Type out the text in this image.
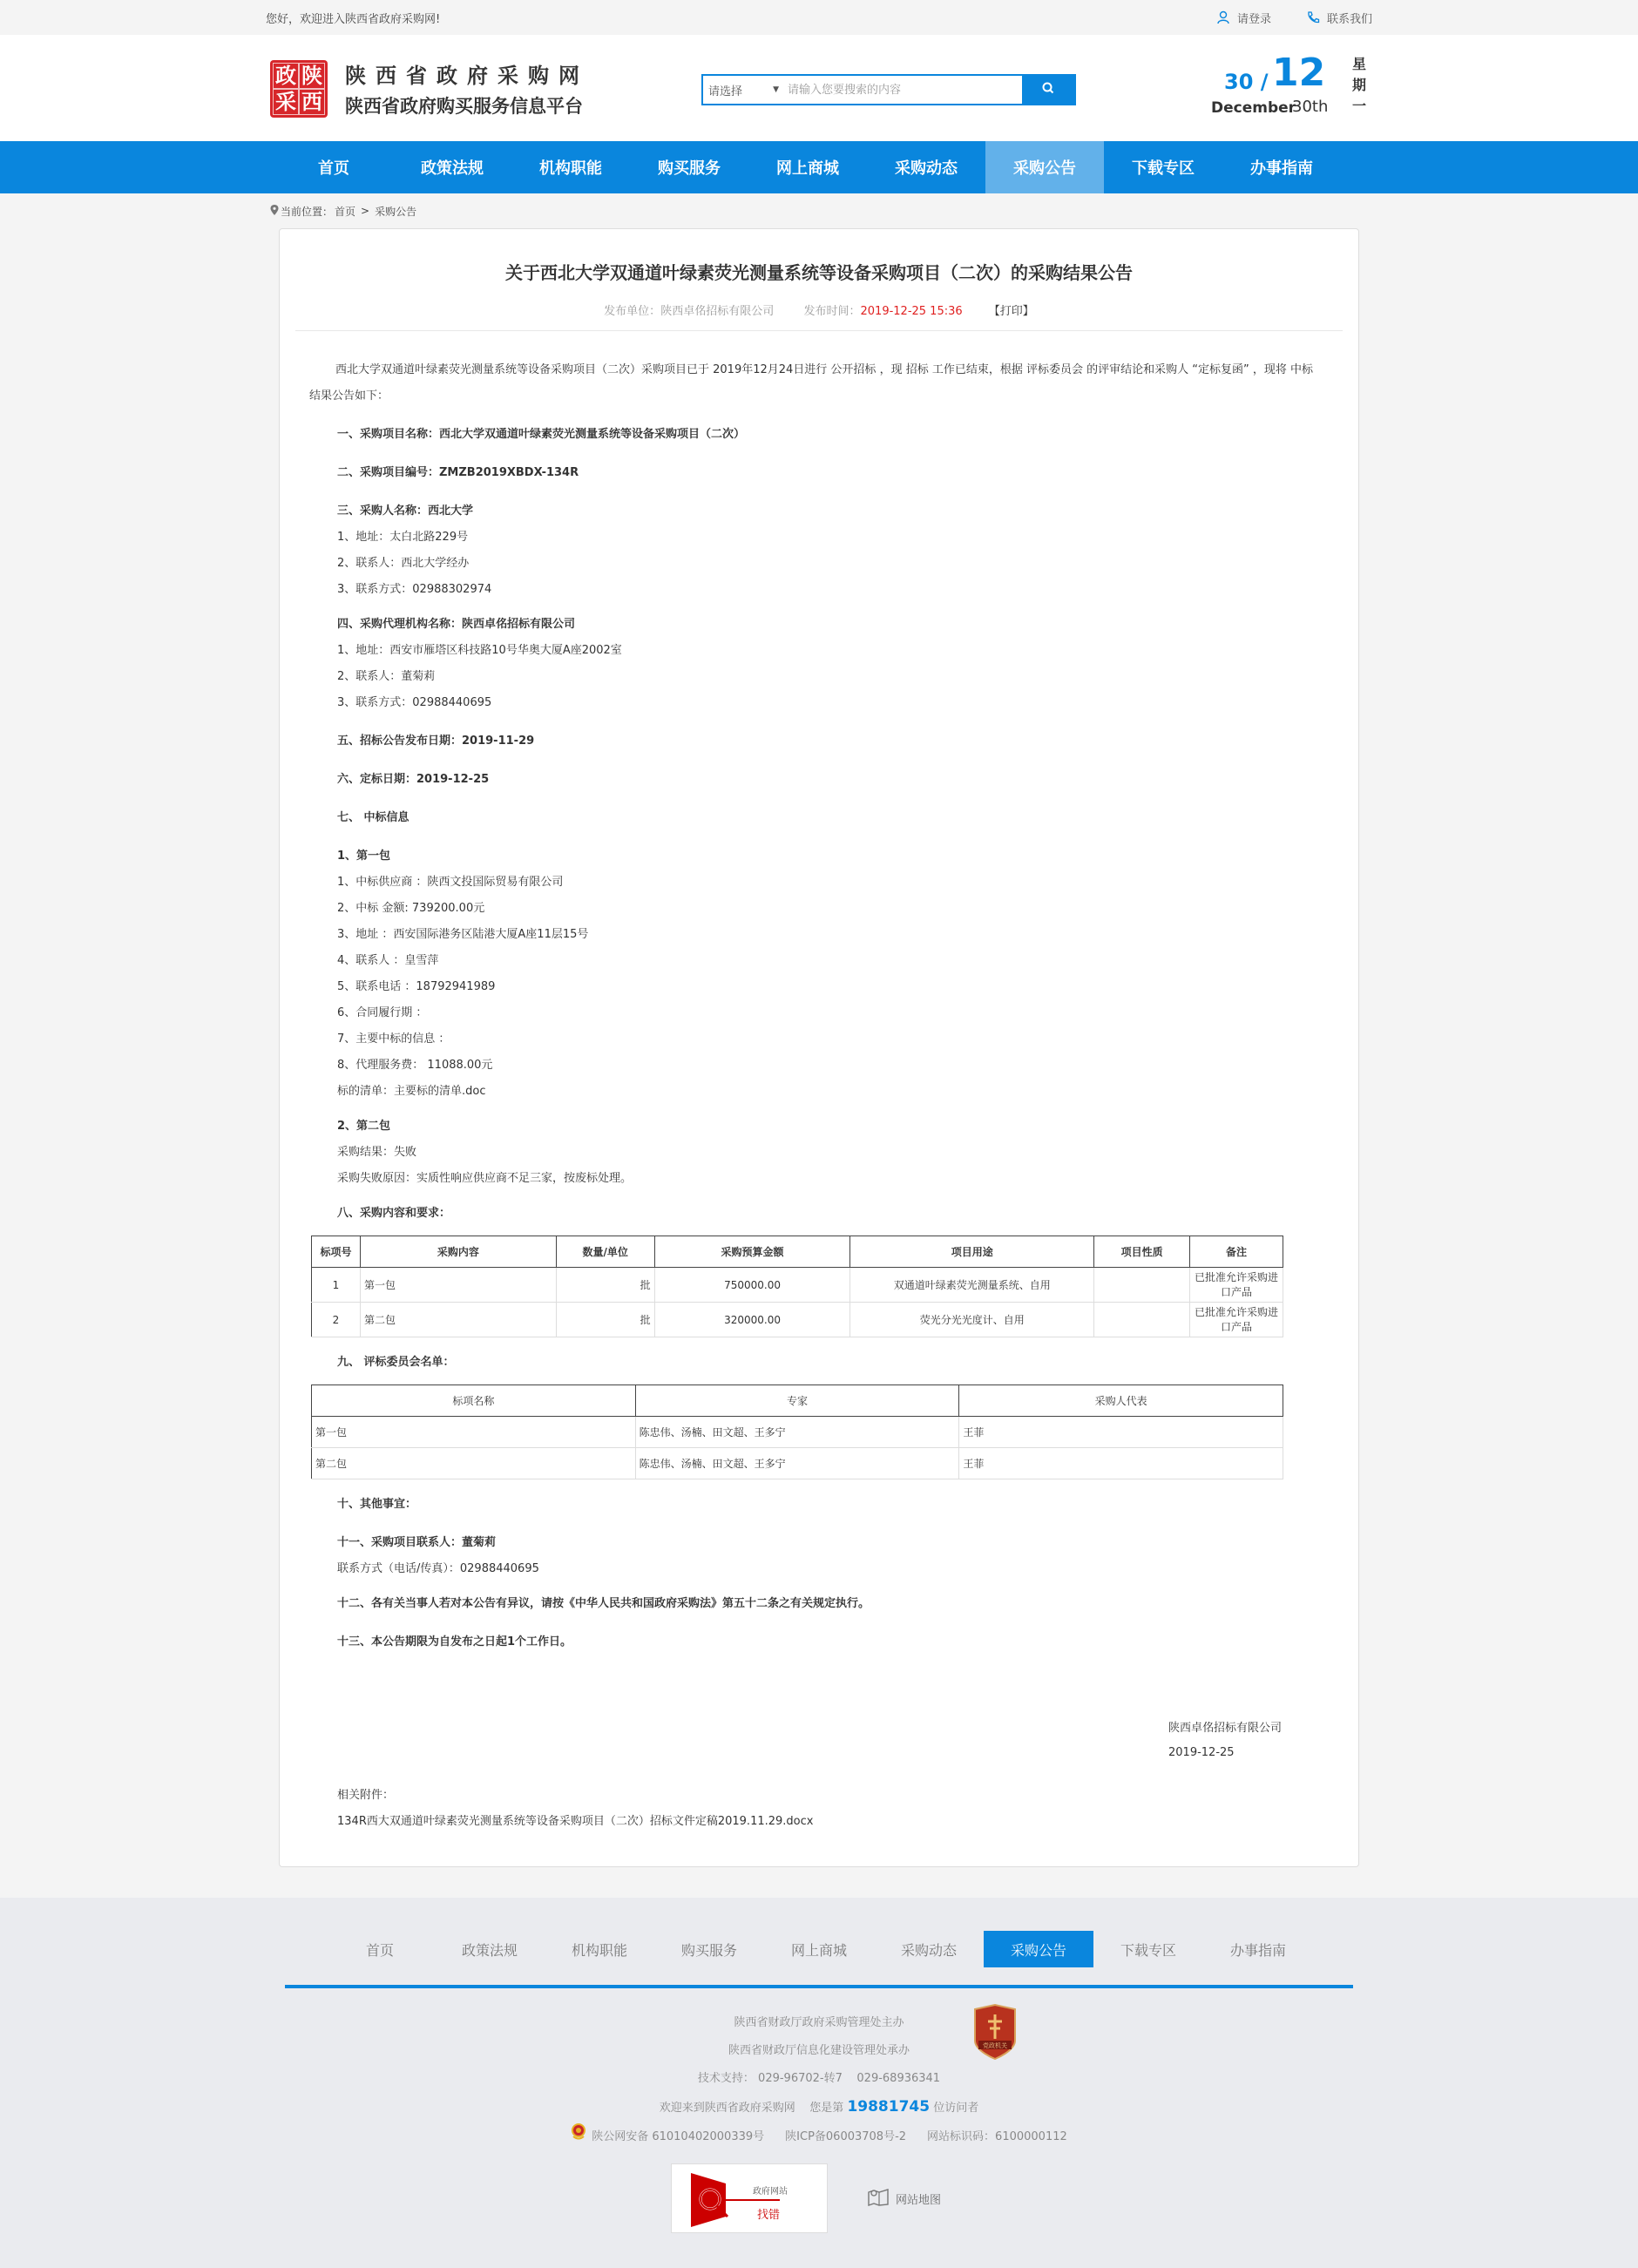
您好，欢迎进入陕西省政府采购网!	请登录	联系我们
政 陕
采 西
陕西省政府采购网
陕西省政府购买服务信息平台
请选择	▼
请输入您要搜索的内容	30 / 12
December
30th
星
期
一
首页	政策法规	机构职能	购买服务	网上商城	采购动态	采购公告	下载专区	办事指南
当前位置： 首页 > 采购公告
关于西北大学双通道叶绿素荧光测量系统等设备采购项目（二次）的采购结果公告
发布单位：陕西卓佲招标有限公司	发布时间：2019-12-25 15:36 【打印】

西北大学双通道叶绿素荧光测量系统等设备采购项目（二次）采购项目已于 2019年12月24日进行 公开招标 ，现 招标 工作已结束，根据 评标委员会 的评审结论和采购人 “定标复函” ，现将 中标 结果公告如下：

一、采购项目名称：西北大学双通道叶绿素荧光测量系统等设备采购项目（二次）

二、采购项目编号：ZMZB2019XBDX-134R

三、采购人名称：西北大学

1、地址：太白北路229号

2、联系人：西北大学经办

3、联系方式：02988302974

四、采购代理机构名称：陕西卓佲招标有限公司

1、地址：西安市雁塔区科技路10号华奥大厦A座2002室

2、联系人：董菊莉

3、联系方式：02988440695

五、招标公告发布日期：2019-11-29

六、定标日期：2019-12-25

七、 中标信息

1、第一包

1、中标供应商 ：陕西文投国际贸易有限公司

2、中标 金额: 739200.00元

3、地址 ：西安国际港务区陆港大厦A座11层15号

4、联系人 ：皇雪萍

5、联系电话 ：18792941989

6、合同履行期 ：

7、主要中标的信息 ：

8、代理服务费： 11088.00元

标的清单：主要标的清单.doc

2、第二包

采购结果：失败

采购失败原因：实质性响应供应商不足三家，按废标处理。

八、采购内容和要求：

标项号	采购内容	数量/单位	采购预算金额	项目用途	项目性质	备注
1	第一包	批	750000.00	双通道叶绿素荧光测量系统、自用		已批准允许采购进口产品
2	第二包	批	320000.00	荧光分光光度计、自用		已批准允许采购进口产品

九、 评标委员会名单：

标项名称	专家	采购人代表
第一包	陈忠伟、汤楠、田文超、王多宁	王菲
第二包	陈忠伟、汤楠、田文超、王多宁	王菲

十、其他事宜：

十一、采购项目联系人：董菊莉

联系方式（电话/传真）：02988440695

十二、各有关当事人若对本公告有异议，请按《中华人民共和国政府采购法》第五十二条之有关规定执行。

十三、本公告期限为自发布之日起1个工作日。

陕西卓佲招标有限公司
2019-12-25
相关附件：
134R西大双通道叶绿素荧光测量系统等设备采购项目（二次）招标文件定稿2019.11.29.docx
首页	政策法规	机构职能	购买服务	网上商城	采购动态	采购公告	下载专区	办事指南
党政机关

陕西省财政厅政府采购管理处主办

陕西省财政厅信息化建设管理处承办

技术支持： 029-96702-转7    029-68936341

欢迎来到陕西省政府采购网    您是第 19881745 位访问者

陕公网安备 61010402000339号 陕ICP备06003708号-2 网站标识码：6100000112

政府网站
找错
网站地图
